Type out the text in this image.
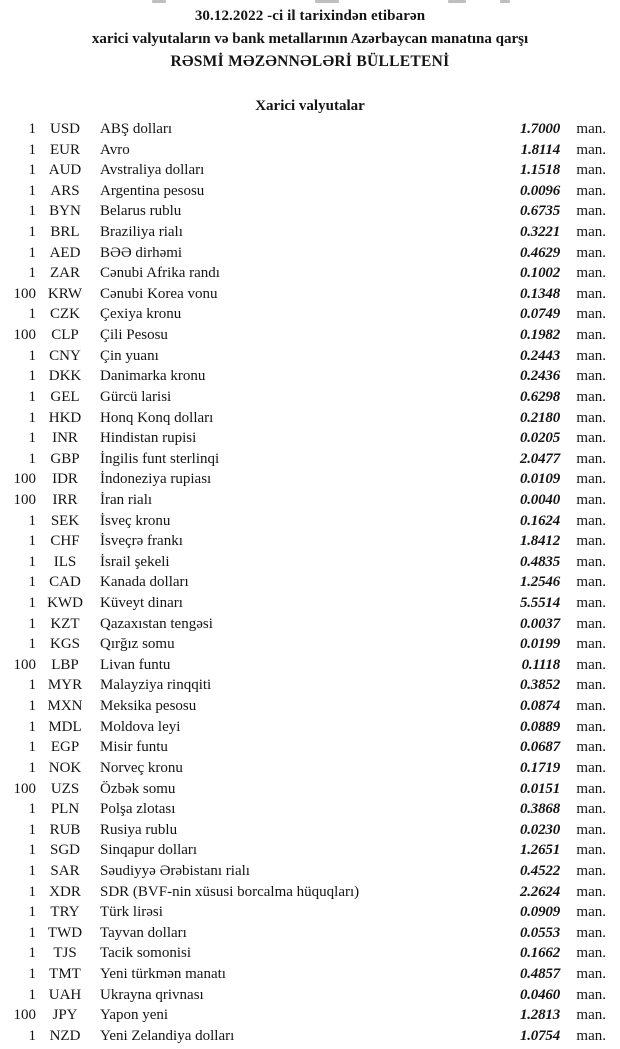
30.12.2022 -ci il tarixindən etibarən
xarici valyutaların və bank metallarının Azərbaycan manatına qarşı
RƏSMİ MƏZƏNNƏLƏRİ BÜLLETENİ
Xarici valyutalar
1 USD	ABŞ dolları	1.7000	man.
1 EUR	Avro	1.8114	man.
1 AUD	Avstraliya dolları	1.1518	man.
1 ARS	Argentina pesosu	0.0096	man.
1 BYN	Belarus rublu	0.6735	man.
1 BRL	Braziliya rialı	0.3221	man.
1 AED	BƏƏ dirhəmi	0.4629	man.
1 ZAR	Cənubi Afrika randı	0.1002	man.
100 KRW	Cənubi Korea vonu	0.1348	man.
1 CZK	Çexiya kronu	0.0749	man.
100	CLP	Çili Pesosu	0.1982	man.
1 CNY	Çin yuanı	0.2443	man.
1 DKK	Danimarka kronu	0.2436	man.
1 GEL	Gürcü larisi	0.6298	man.
1 HKD	Honq Konq dolları	0.2180	man.
1	INR	Hindistan rupisi	0.0205	man.
1 GBP	İngilis funt sterlinqi	2.0477	man.
100	IDR	İndoneziya rupiası	0.0109	man.
100	IRR	İran rialı	0.0040	man.
1 SEK	İsveç kronu	0.1624	man.
1 CHF	İsveçrə frankı	1.8412	man.
1	ILS	İsrail şekeli	0.4835	man.
1 CAD	Kanada dolları	1.2546	man.
1 KWD	Küveyt dinarı	5.5514	man.
1 KZT	Qazaxıstan tengəsi	0.0037	man.
1 KGS	Qırğız somu	0.0199	man.
100	LBP	Livan funtu	0.1118	man.
1 MYR	Malayziya rinqqiti	0.3852	man.
1 MXN	Meksika pesosu	0.0874	man.
1 MDL	Moldova leyi	0.0889	man.
1 EGP	Misir funtu	0.0687	man.
1 NOK	Norveç kronu	0.1719	man.
100 UZS	Özbək somu	0.0151	man.
1 PLN	Polşa zlotası	0.3868	man.
1 RUB	Rusiya rublu	0.0230	man.
1 SGD	Sinqapur dolları	1.2651	man.
1 SAR	Səudiyyə Ərəbistanı rialı	0.4522	man.
1 XDR	SDR (BVF-nin xüsusi borcalma hüquqları)	2.2624	man.
1 TRY	Türk lirəsi	0.0909	man.
1 TWD	Tayvan dolları	0.0553	man.
1	TJS	Tacik somonisi	0.1662	man.
1 TMT	Yeni türkmən manatı	0.4857	man.
1 UAH	Ukrayna qrivnası	0.0460	man.
100	JPY	Yapon yeni	1.2813	man.
1 NZD	Yeni Zelandiya dolları	1.0754	man.
